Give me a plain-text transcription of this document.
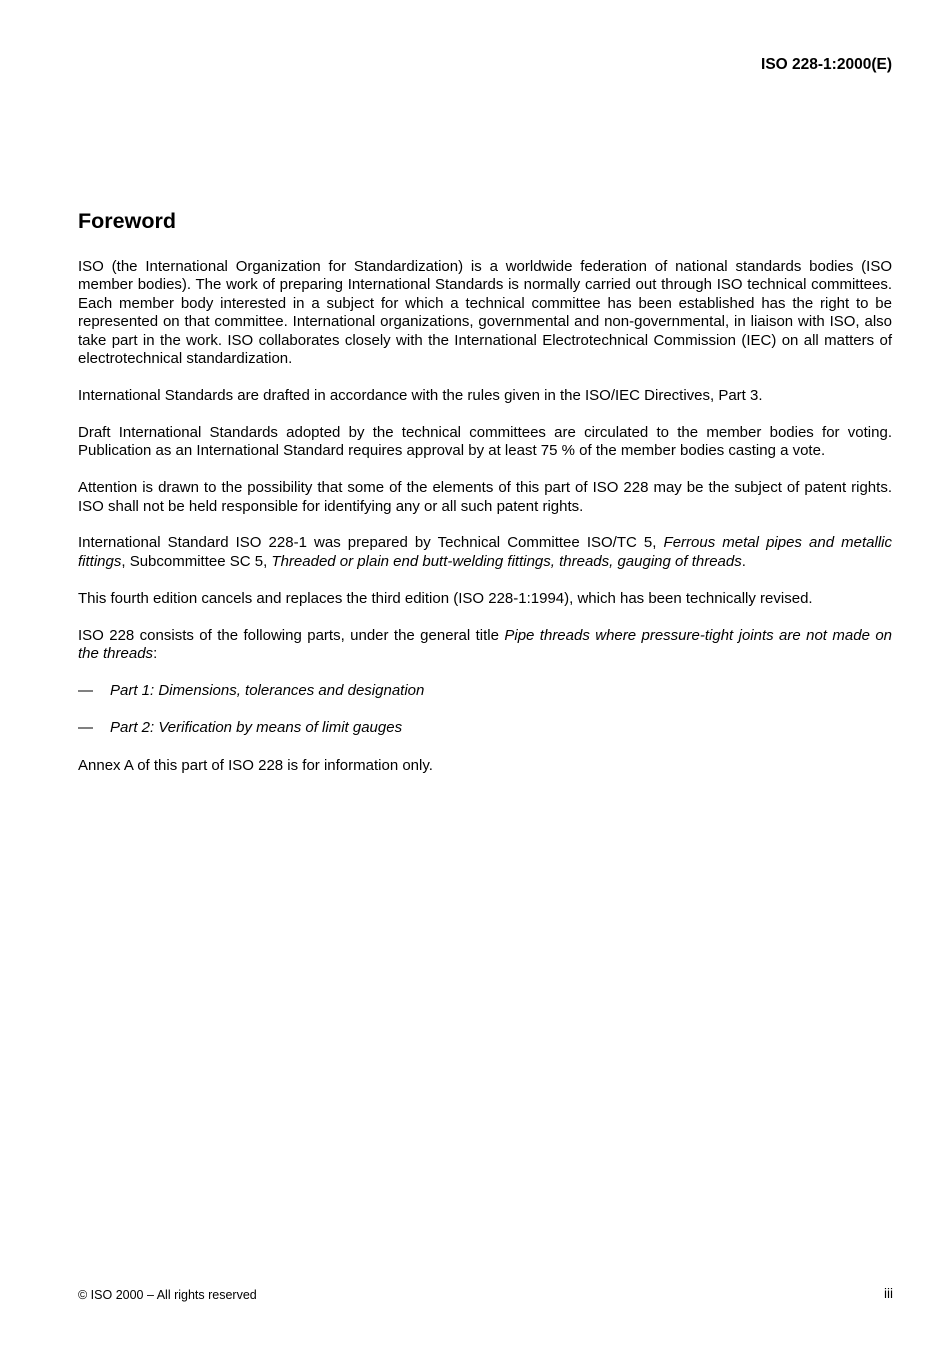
ISO 228-1:2000(E)

Foreword

ISO (the International Organization for Standardization) is a worldwide federation of national standards bodies (ISO member bodies). The work of preparing International Standards is normally carried out through ISO technical committees. Each member body interested in a subject for which a technical committee has been established has the right to be represented on that committee. International organizations, governmental and non-governmental, in liaison with ISO, also take part in the work. ISO collaborates closely with the International Electrotechnical Commission (IEC) on all matters of electrotechnical standardization.

International Standards are drafted in accordance with the rules given in the ISO/IEC Directives, Part 3.

Draft International Standards adopted by the technical committees are circulated to the member bodies for voting. Publication as an International Standard requires approval by at least 75 % of the member bodies casting a vote.

Attention is drawn to the possibility that some of the elements of this part of ISO 228 may be the subject of patent rights. ISO shall not be held responsible for identifying any or all such patent rights.

International Standard ISO 228-1 was prepared by Technical Committee ISO/TC 5, Ferrous metal pipes and metallic fittings, Subcommittee SC 5, Threaded or plain end butt-welding fittings, threads, gauging of threads.

This fourth edition cancels and replaces the third edition (ISO 228-1:1994), which has been technically revised.

ISO 228 consists of the following parts, under the general title Pipe threads where pressure-tight joints are not made on the threads:

—	Part 1: Dimensions, tolerances and designation
—	Part 2: Verification by means of limit gauges

Annex A of this part of ISO 228 is for information only.

© ISO 2000 – All rights reserved	iii
